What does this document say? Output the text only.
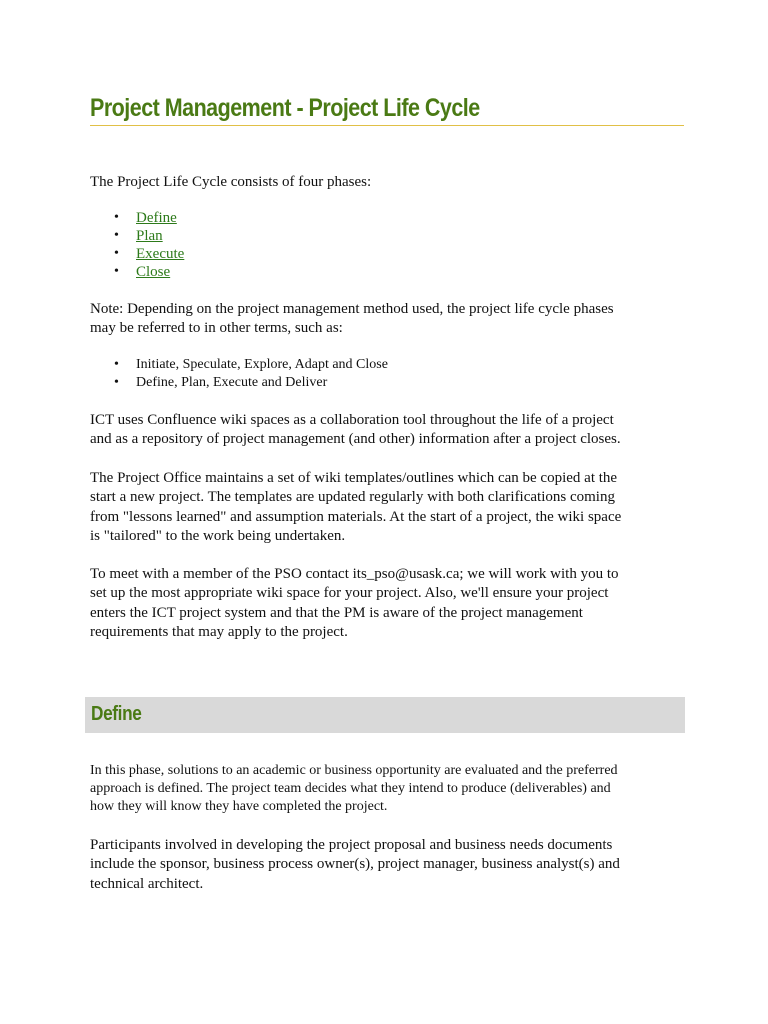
Project Management - Project Life Cycle

The Project Life Cycle consists of four phases:

• Define
• Plan
• Execute
• Close

Note: Depending on the project management method used, the project life cycle phases
may be referred to in other terms, such as:

• Initiate, Speculate, Explore, Adapt and Close
• Define, Plan, Execute and Deliver

ICT uses Confluence wiki spaces as a collaboration tool throughout the life of a project
and as a repository of project management (and other) information after a project closes.

The Project Office maintains a set of wiki templates/outlines which can be copied at the
start a new project. The templates are updated regularly with both clarifications coming
from "lessons learned" and assumption materials. At the start of a project, the wiki space
is "tailored" to the work being undertaken.

To meet with a member of the PSO contact its_pso@usask.ca; we will work with you to
set up the most appropriate wiki space for your project. Also, we'll ensure your project
enters the ICT project system and that the PM is aware of the project management
requirements that may apply to the project.

Define

In this phase, solutions to an academic or business opportunity are evaluated and the preferred
approach is defined. The project team decides what they intend to produce (deliverables) and
how they will know they have completed the project.

Participants involved in developing the project proposal and business needs documents
include the sponsor, business process owner(s), project manager, business analyst(s) and
technical architect.
